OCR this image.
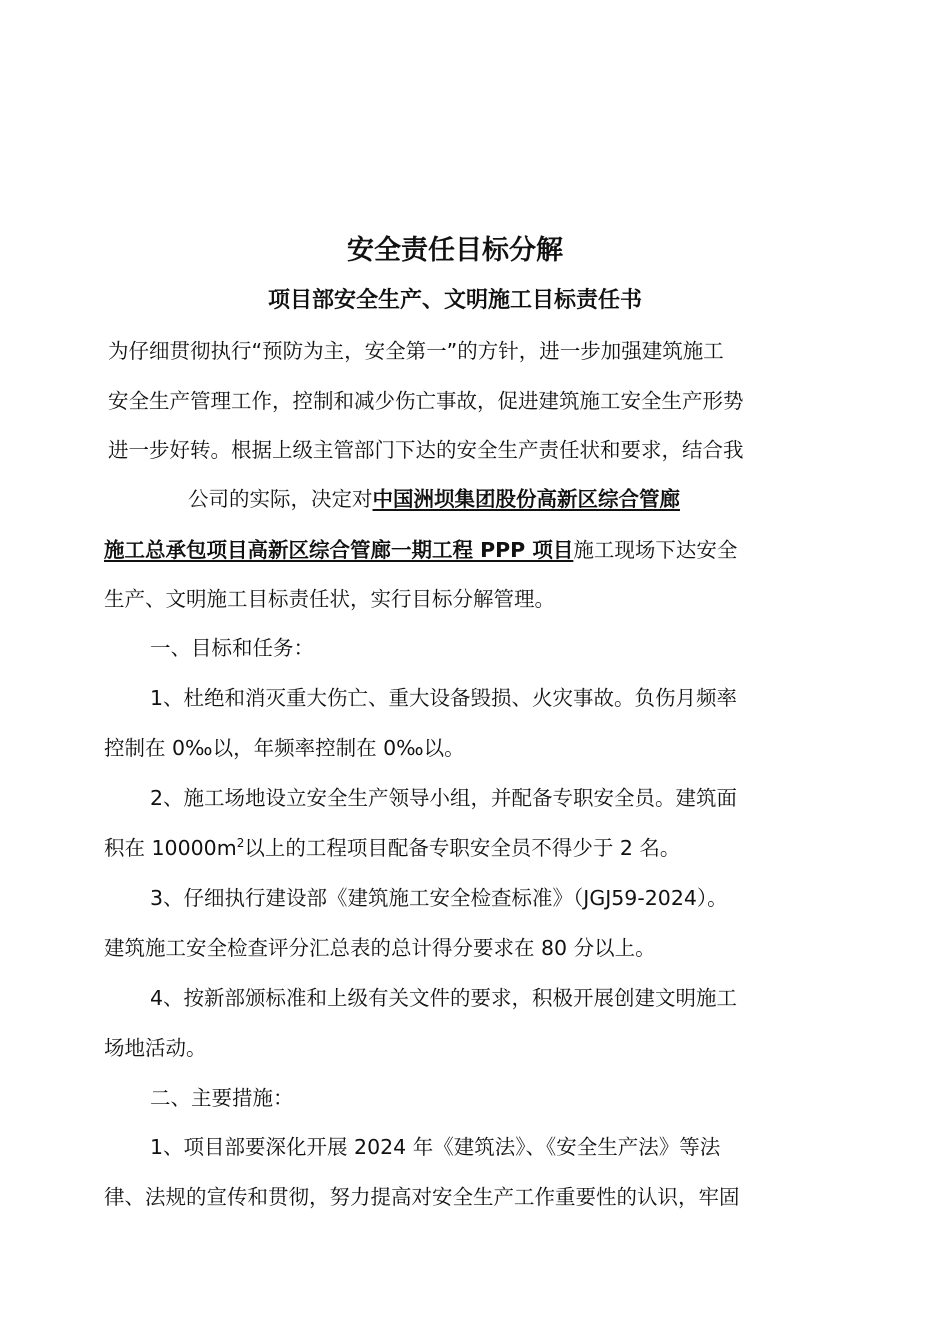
安全责任目标分解
项目部安全生产、文明施工目标责任书
为仔细贯彻执行“预防为主，安全第一”的方针，进一步加强建筑施工
安全生产管理工作，控制和减少伤亡事故，促进建筑施工安全生产形势
进一步好转。根据上级主管部门下达的安全生产责任状和要求，结合我
公司的实际，决定对中国洲坝集团股份高新区综合管廊
施工总承包项目高新区综合管廊一期工程 PPP 项目施工现场下达安全
生产、文明施工目标责任状，实行目标分解管理。
一、目标和任务：
1、杜绝和消灭重大伤亡、重大设备毁损、火灾事故。负伤月频率
控制在 0‰以，年频率控制在 0‰以。
2、施工场地设立安全生产领导小组，并配备专职安全员。建筑面
积在 $10000m^2$以上的工程项目配备专职安全员不得少于 2 名。
3、仔细执行建设部《建筑施工安全检查标准》（JGJ59-2024）。
建筑施工安全检查评分汇总表的总计得分要求在 80 分以上。
4、按新部颁标准和上级有关文件的要求，积极开展创建文明施工
场地活动。
二、主要措施：
1、项目部要深化开展 2024 年《建筑法》、《安全生产法》等法
律、法规的宣传和贯彻，努力提高对安全生产工作重要性的认识，牢固
